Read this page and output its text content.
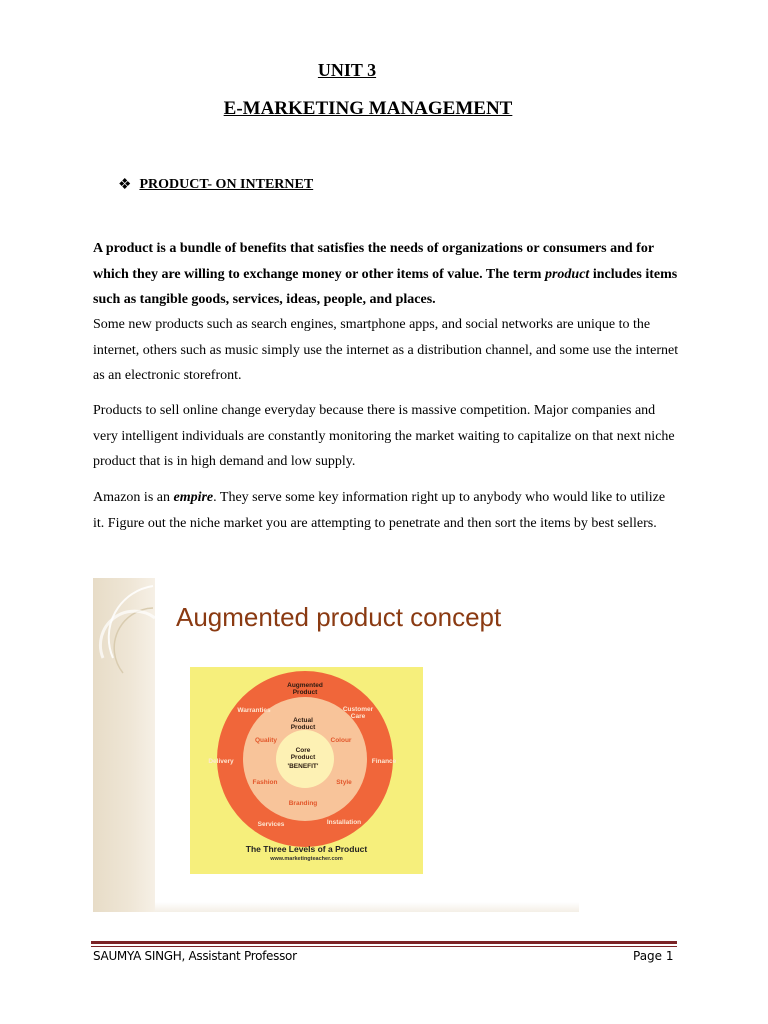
UNIT 3
E-MARKETING MANAGEMENT
❖ PRODUCT- ON INTERNET

A product is a bundle of benefits that satisfies the needs of organizations or consumers and for which they are willing to exchange money or other items of value. The term product includes items such as tangible goods, services, ideas, people, and places.

Some new products such as search engines, smartphone apps, and social networks are unique to the internet, others such as music simply use the internet as a distribution channel, and some use the internet as an electronic storefront.

Products to sell online change everyday because there is massive competition. Major companies and very intelligent individuals are constantly monitoring the market waiting to capitalize on that next niche product that is in high demand and low supply.

Amazon is an empire. They serve some key information right up to anybody who would like to utilize it. Figure out the niche market you are attempting to penetrate and then sort the items by best sellers.

Augmented product concept
Augmented
Product
Warranties	Customer
Care
Delivery	Finance
Services	Installation
Actual
Product
Quality	Colour
Fashion	Style
Branding
Core
Product
'BENEFIT'
The Three Levels of a Product
www.marketingteacher.com
SAUMYA SINGH, Assistant Professor	Page 1
